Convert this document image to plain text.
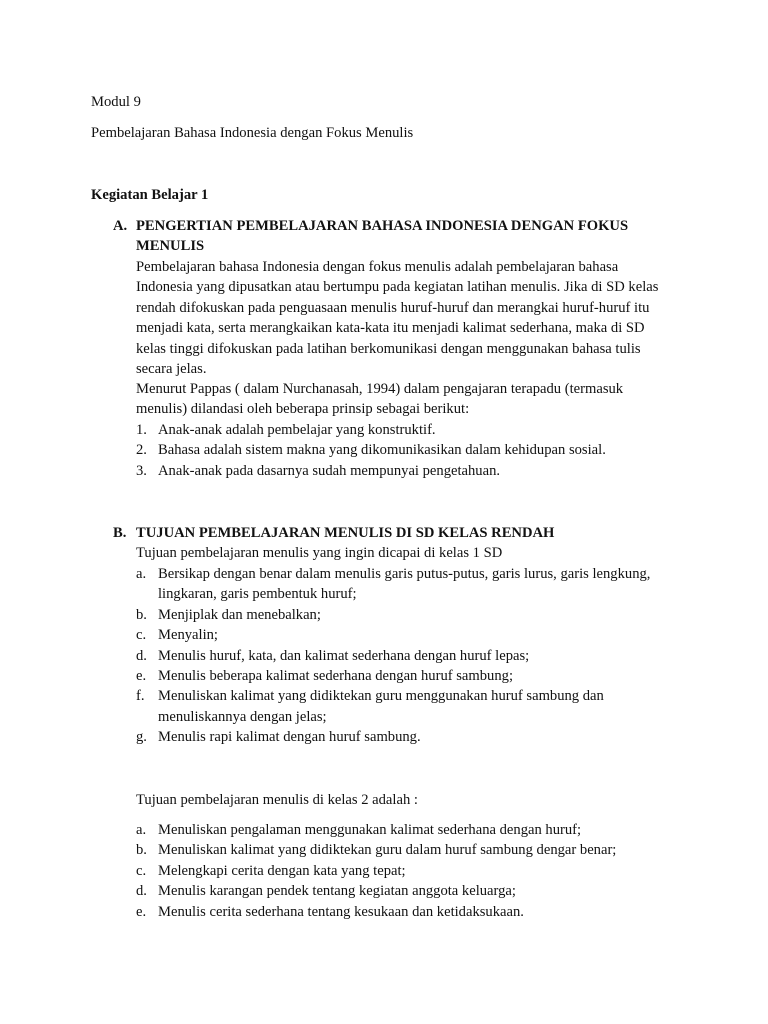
Modul 9
Pembelajaran Bahasa Indonesia dengan Fokus Menulis
Kegiatan Belajar 1
A. PENGERTIAN PEMBELAJARAN BAHASA INDONESIA DENGAN FOKUS MENULIS
Pembelajaran bahasa Indonesia dengan fokus menulis adalah pembelajaran bahasa Indonesia yang dipusatkan atau bertumpu pada kegiatan latihan menulis. Jika di SD kelas rendah difokuskan pada penguasaan menulis huruf-huruf dan merangkai huruf-huruf itu menjadi kata, serta merangkaikan kata-kata itu menjadi kalimat sederhana, maka di SD kelas tinggi difokuskan pada latihan berkomunikasi dengan menggunakan bahasa tulis secara jelas.
Menurut Pappas ( dalam Nurchanasah, 1994) dalam pengajaran terapadu (termasuk menulis) dilandasi oleh beberapa prinsip sebagai berikut:
1. Anak-anak adalah pembelajar yang konstruktif.
2. Bahasa adalah sistem makna yang dikomunikasikan dalam kehidupan sosial.
3. Anak-anak pada dasarnya sudah mempunyai pengetahuan.
B. TUJUAN PEMBELAJARAN MENULIS DI SD KELAS RENDAH
Tujuan pembelajaran menulis yang ingin dicapai di kelas 1 SD
a. Bersikap dengan benar dalam menulis garis putus-putus, garis lurus, garis lengkung, lingkaran, garis pembentuk huruf;
b. Menjiplak dan menebalkan;
c. Menyalin;
d. Menulis huruf, kata, dan kalimat sederhana dengan huruf lepas;
e. Menulis beberapa kalimat sederhana dengan huruf sambung;
f. Menuliskan kalimat yang didiktekan guru menggunakan huruf sambung dan menuliskannya dengan jelas;
g. Menulis rapi kalimat dengan huruf sambung.
Tujuan pembelajaran menulis di kelas 2 adalah :
a. Menuliskan pengalaman menggunakan kalimat sederhana dengan huruf;
b. Menuliskan kalimat yang didiktekan guru dalam huruf sambung dengar benar;
c. Melengkapi cerita dengan kata yang tepat;
d. Menulis karangan pendek tentang kegiatan anggota keluarga;
e. Menulis cerita sederhana tentang kesukaan dan ketidaksukaan.
